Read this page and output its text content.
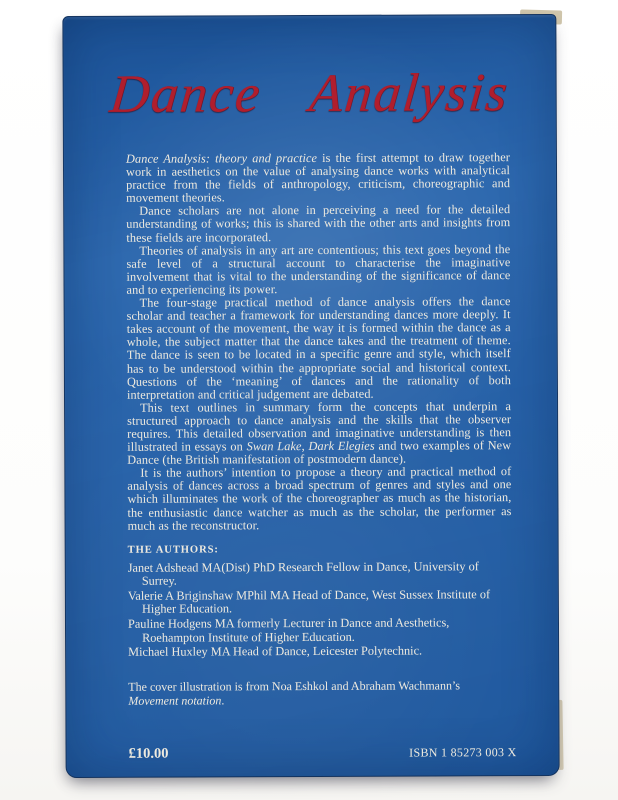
Dance Analysis

Dance Analysis: theory and practice is the first attempt to draw together work in aesthetics on the value of analysing dance works with analytical practice from the fields of anthropology, criticism, choreographic and movement theories.

Dance scholars are not alone in perceiving a need for the detailed understanding of works; this is shared with the other arts and insights from these fields are incorporated.

Theories of analysis in any art are contentious; this text goes beyond the safe level of a structural account to characterise the imaginative involvement that is vital to the understanding of the significance of dance and to experiencing its power.

The four-stage practical method of dance analysis offers the dance scholar and teacher a framework for understanding dances more deeply. It takes account of the movement, the way it is formed within the dance as a whole, the subject matter that the dance takes and the treatment of theme. The dance is seen to be located in a specific genre and style, which itself has to be understood within the appropriate social and historical context. Questions of the ‘meaning’ of dances and the rationality of both interpretation and critical judgement are debated.

This text outlines in summary form the concepts that underpin a structured approach to dance analysis and the skills that the observer requires. This detailed observation and imaginative understanding is then illustrated in essays on Swan Lake, Dark Elegies and two examples of New Dance (the British manifestation of postmodern dance).

It is the authors’ intention to propose a theory and practical method of analysis of dances across a broad spectrum of genres and styles and one which illuminates the work of the choreographer as much as the historian, the enthusiastic dance watcher as much as the scholar, the performer as much as the reconstructor.

THE AUTHORS:

Janet Adshead MA(Dist) PhD Research Fellow in Dance, University of Surrey.

Valerie A Briginshaw MPhil MA Head of Dance, West Sussex Institute of Higher Education.

Pauline Hodgens MA formerly Lecturer in Dance and Aesthetics, Roehampton Institute of Higher Education.

Michael Huxley MA Head of Dance, Leicester Polytechnic.

The cover illustration is from Noa Eshkol and Abraham Wachmann’s Movement notation.
£10.00	ISBN 1 85273 003 X
